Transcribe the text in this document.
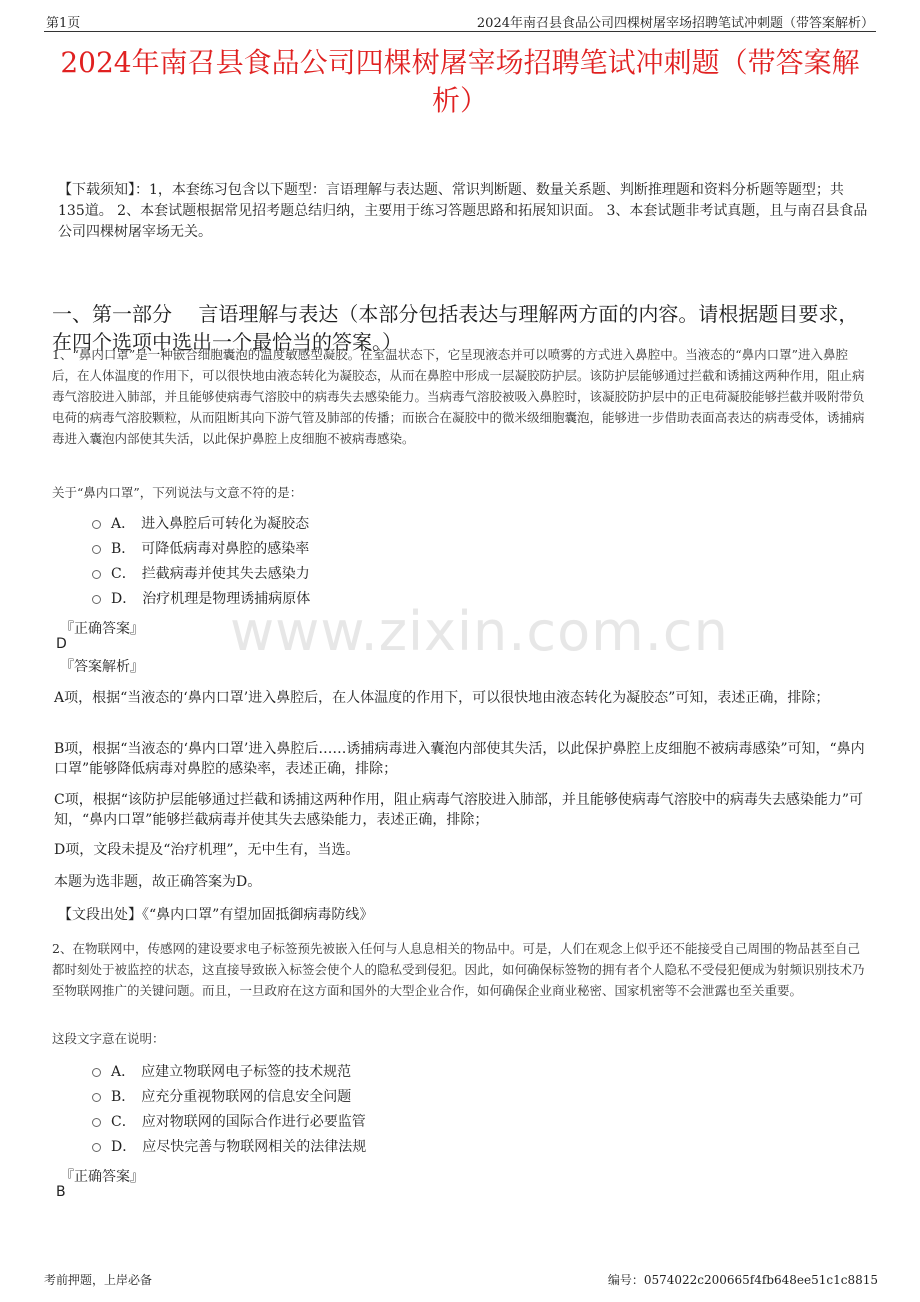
www.zixin.com.cn
第1页	2024年南召县食品公司四棵树屠宰场招聘笔试冲刺题（带答案解析）
2024年南召县食品公司四棵树屠宰场招聘笔试冲刺题（带答案解析）
【下载须知】：1，本套练习包含以下题型：言语理解与表达题、常识判断题、数量关系题、判断推理题和资料分析题等题型；共135道。 2、本套试题根据常见招考题总结归纳，主要用于练习答题思路和拓展知识面。 3、本套试题非考试真题，且与南召县食品公司四棵树屠宰场无关。
一、第一部分　 言语理解与表达（本部分包括表达与理解两方面的内容。请根据题目要求，在四个选项中选出一个最恰当的答案。）
1、“鼻内口罩”是一种嵌合细胞囊泡的温度敏感型凝胶。在室温状态下，它呈现液态并可以喷雾的方式进入鼻腔中。当液态的“鼻内口罩”进入鼻腔后，在人体温度的作用下，可以很快地由液态转化为凝胶态，从而在鼻腔中形成一层凝胶防护层。该防护层能够通过拦截和诱捕这两种作用，阻止病毒气溶胶进入肺部，并且能够使病毒气溶胶中的病毒失去感染能力。当病毒气溶胶被吸入鼻腔时，该凝胶防护层中的正电荷凝胶能够拦截并吸附带负电荷的病毒气溶胶颗粒，从而阻断其向下游气管及肺部的传播；而嵌合在凝胶中的微米级细胞囊泡，能够进一步借助表面高表达的病毒受体，诱捕病毒进入囊泡内部使其失活，以此保护鼻腔上皮细胞不被病毒感染。
关于“鼻内口罩”，下列说法与文意不符的是：
A． 进入鼻腔后可转化为凝胶态
B． 可降低病毒对鼻腔的感染率
C． 拦截病毒并使其失去感染力
D． 治疗机理是物理诱捕病原体
『正确答案』
D
『答案解析』
A项，根据“当液态的‘鼻内口罩’进入鼻腔后，在人体温度的作用下，可以很快地由液态转化为凝胶态”可知，表述正确，排除；
B项，根据“当液态的‘鼻内口罩’进入鼻腔后……诱捕病毒进入囊泡内部使其失活，以此保护鼻腔上皮细胞不被病毒感染”可知，“鼻内口罩”能够降低病毒对鼻腔的感染率，表述正确，排除；
C项，根据“该防护层能够通过拦截和诱捕这两种作用，阻止病毒气溶胶进入肺部，并且能够使病毒气溶胶中的病毒失去感染能力”可知，“鼻内口罩”能够拦截病毒并使其失去感染能力，表述正确，排除；
D项，文段未提及“治疗机理”，无中生有，当选。
本题为选非题，故正确答案为D。
【文段出处】《“鼻内口罩”有望加固抵御病毒防线》
2、在物联网中，传感网的建设要求电子标签预先被嵌入任何与人息息相关的物品中。可是，人们在观念上似乎还不能接受自己周围的物品甚至自己都时刻处于被监控的状态，这直接导致嵌入标签会使个人的隐私受到侵犯。因此，如何确保标签物的拥有者个人隐私不受侵犯便成为射频识别技术乃至物联网推广的关键问题。而且，一旦政府在这方面和国外的大型企业合作，如何确保企业商业秘密、国家机密等不会泄露也至关重要。
这段文字意在说明：
A． 应建立物联网电子标签的技术规范
B． 应充分重视物联网的信息安全问题
C． 应对物联网的国际合作进行必要监管
D． 应尽快完善与物联网相关的法律法规
『正确答案』
B
考前押题，上岸必备	编号：0574022c200665f4fb648ee51c1c8815
